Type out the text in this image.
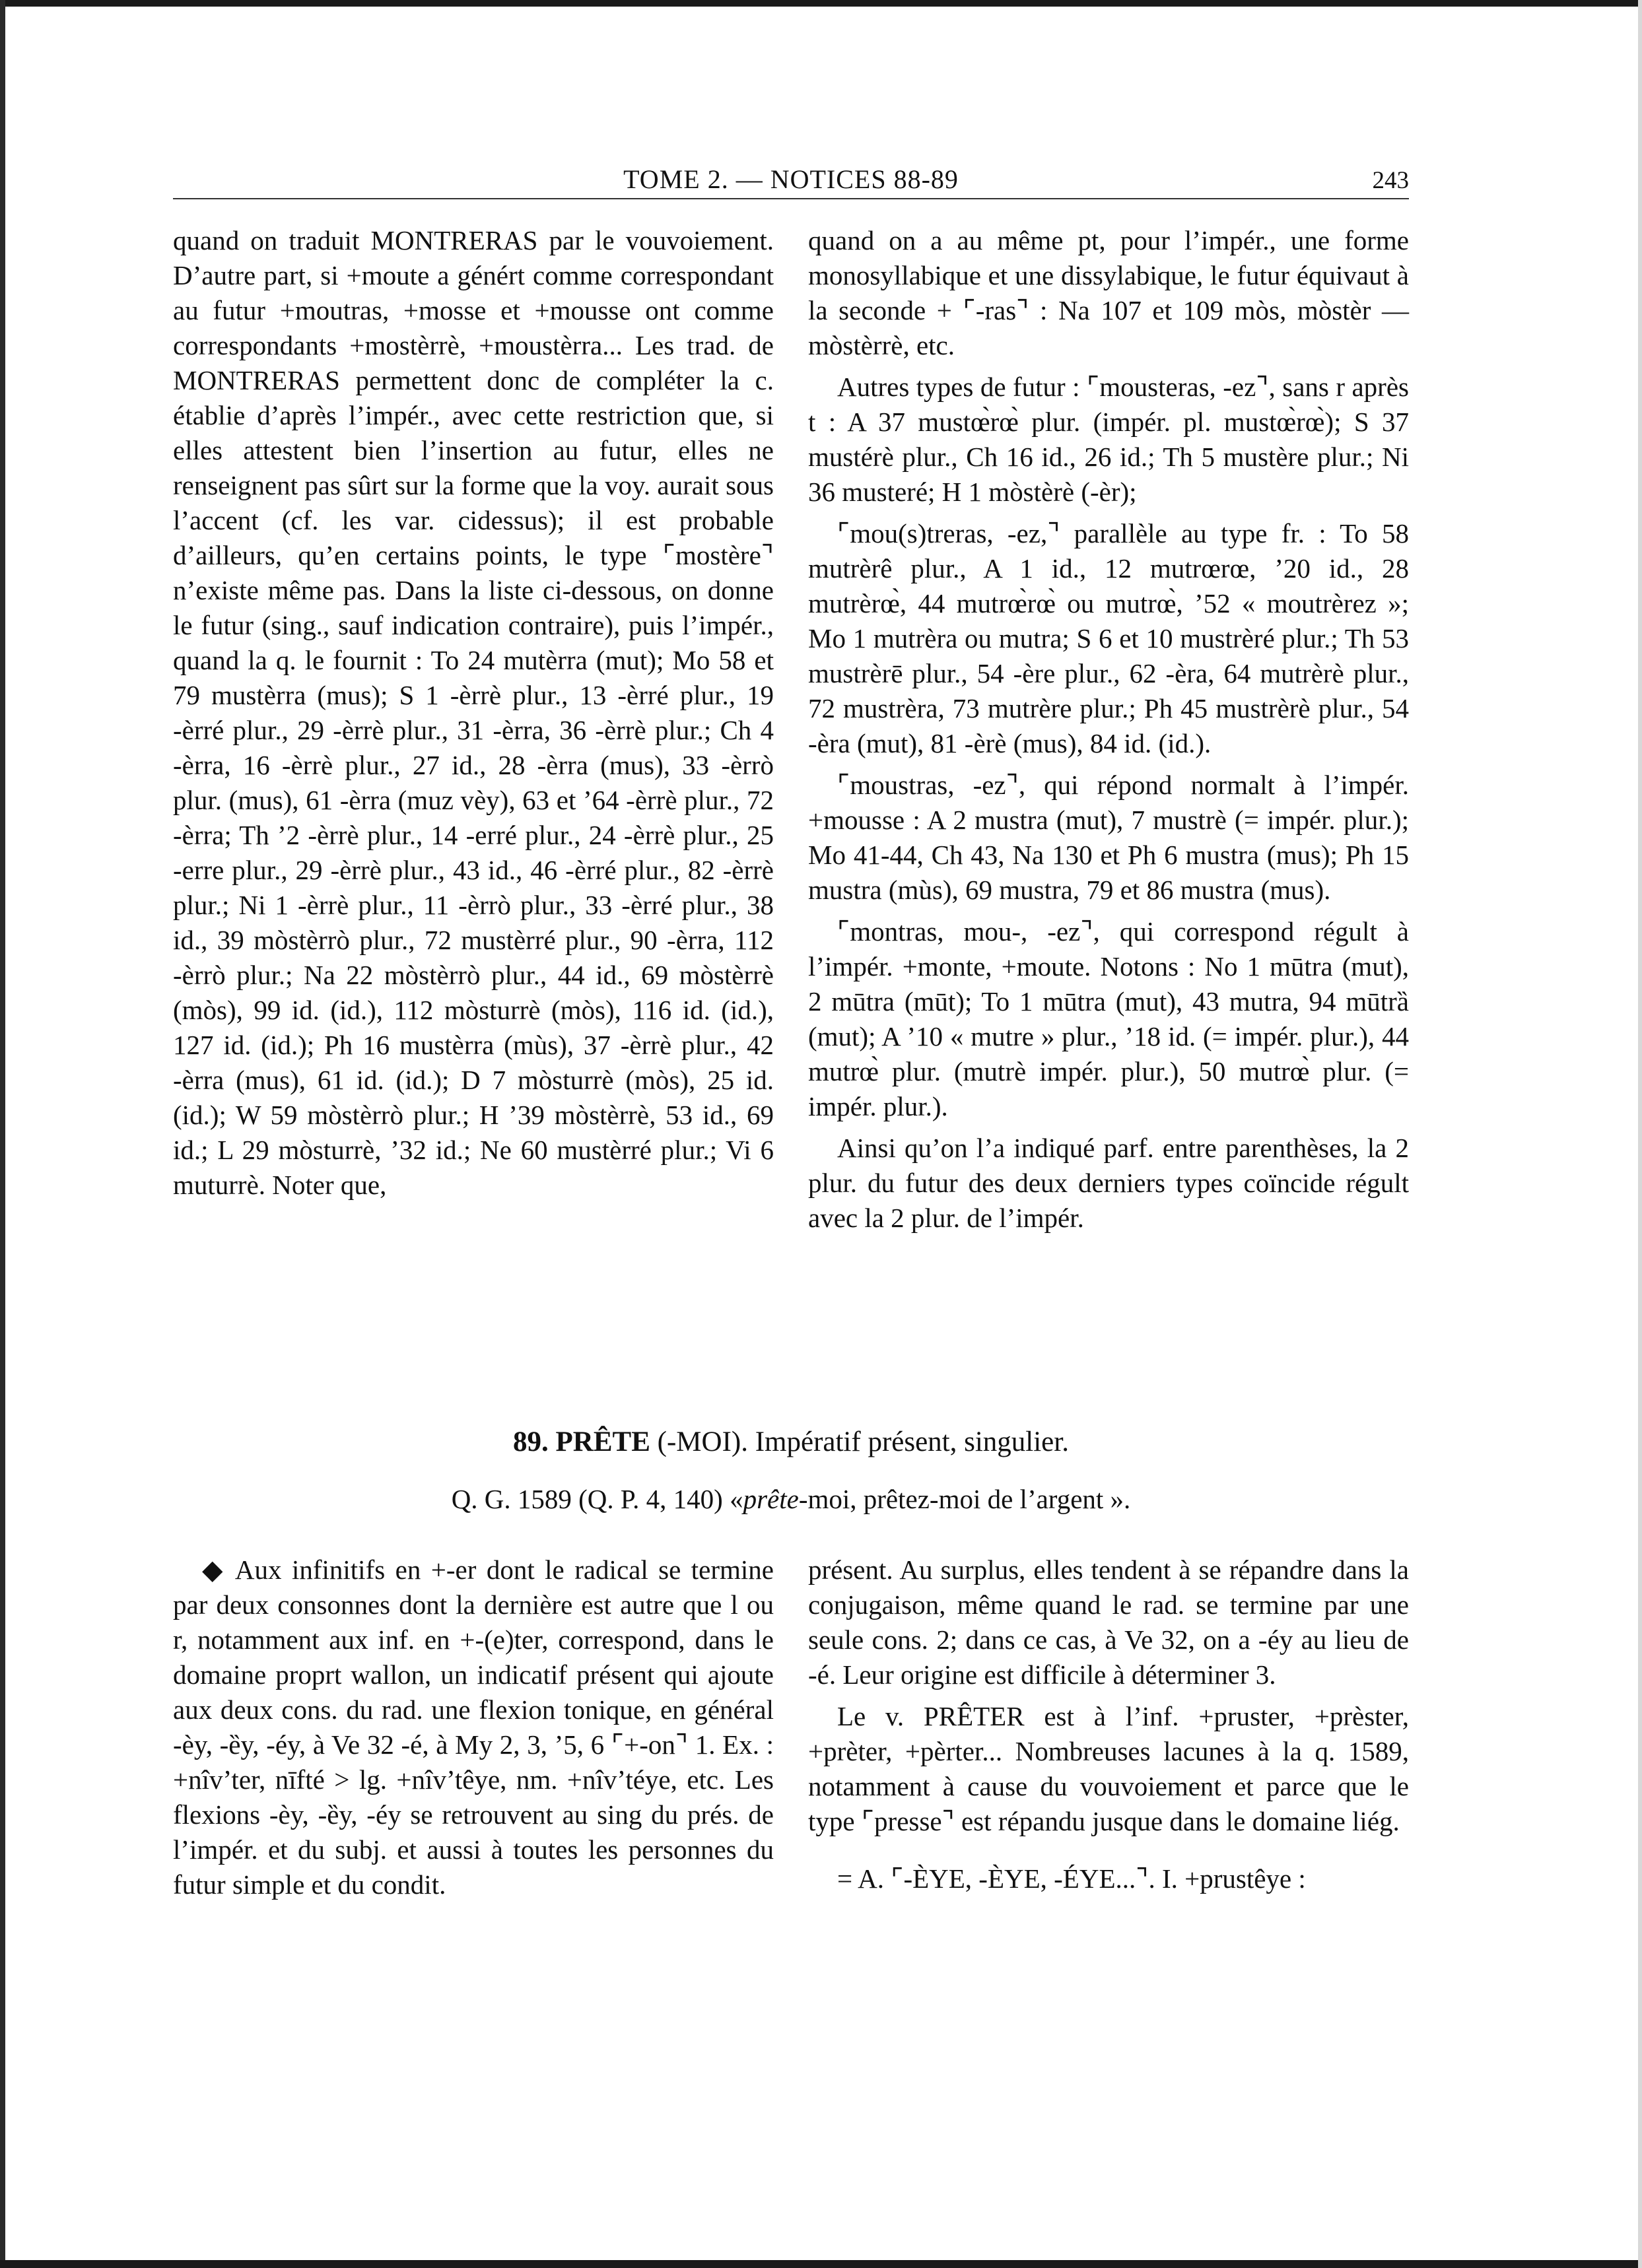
TOME 2. — NOTICES 88-89	243

quand on traduit MONTRERAS par le vouvoiement. D’autre part, si +moute a génért comme correspondant au futur +moutras, +mosse et +mousse ont comme correspondants +mostèrrè, +moustèrra... Les trad. de MONTRERAS permettent donc de compléter la c. établie d’après l’impér., avec cette restriction que, si elles attestent bien l’insertion au futur, elles ne renseignent pas sûrt sur la forme que la voy. aurait sous l’accent (cf. les var. cidessus); il est probable d’ailleurs, qu’en certains points, le type ⌜mostère⌝ n’existe même pas. Dans la liste ci-dessous, on donne le futur (sing., sauf indication contraire), puis l’impér., quand la q. le fournit : To 24 mutèrra (mut); Mo 58 et 79 mustèrra (mus); S 1 -èrrè plur., 13 -èrré plur., 19 -èrré plur., 29 -èrrè plur., 31 -èrra, 36 -èrrè plur.; Ch 4 -èrra, 16 -èrrè plur., 27 id., 28 -èrra (mus), 33 -èrrò plur. (mus), 61 -èrra (muz vèy), 63 et ’64 -èrrè plur., 72 -èrra; Th ’2 -èrrè plur., 14 -erré plur., 24 -èrrè plur., 25 -erre plur., 29 -èrrè plur., 43 id., 46 -èrré plur., 82 -èrrè plur.; Ni 1 -èrrè plur., 11 -èrrò plur., 33 -èrré plur., 38 id., 39 mòstèrrò plur., 72 mustèrré plur., 90 -èrra, 112 -èrrò plur.; Na 22 mòstèrrò plur., 44 id., 69 mòstèrrè (mòs), 99 id. (id.), 112 mòsturrè (mòs), 116 id. (id.), 127 id. (id.); Ph 16 mustèrra (mùs), 37 -èrrè plur., 42 -èrra (mus), 61 id. (id.); D 7 mòsturrè (mòs), 25 id. (id.); W 59 mòstèrrò plur.; H ’39 mòstèrrè, 53 id., 69 id.; L 29 mòsturrè, ’32 id.; Ne 60 mustèrré plur.; Vi 6 muturrè. Noter que,

quand on a au même pt, pour l’impér., une forme monosyllabique et une dissylabique, le futur équivaut à la seconde + ⌜-ras⌝ : Na 107 et 109 mòs, mòstèr — mòstèrrè, etc.

Autres types de futur : ⌜mousteras, -ez⌝, sans r après t : A 37 mustœ̀rœ̀ plur. (impér. pl. mustœ̀rœ̀); S 37 mustérè plur., Ch 16 id., 26 id.; Th 5 mustère plur.; Ni 36 musteré; H 1 mòstèrè (-èr);

⌜mou(s)treras, -ez,⌝ parallèle au type fr. : To 58 mutrèrê plur., A 1 id., 12 mutrœrœ, ’20 id., 28 mutrèrœ̀, 44 mutrœ̀rœ̀ ou mutrœ̀, ’52 « moutrèrez »; Mo 1 mutrèra ou mutra; S 6 et 10 mustrèré plur.; Th 53 mustrèrē plur., 54 -ère plur., 62 -èra, 64 mutrèrè plur., 72 mustrèra, 73 mutrère plur.; Ph 45 mustrèrè plur., 54 -èra (mut), 81 -èrè (mus), 84 id. (id.).

⌜moustras, -ez⌝, qui répond normalt à l’impér. +mousse : A 2 mustra (mut), 7 mustrè (= impér. plur.); Mo 41-44, Ch 43, Na 130 et Ph 6 mustra (mus); Ph 15 mustra (mùs), 69 mustra, 79 et 86 mustra (mus).

⌜montras, mou-, -ez⌝, qui correspond régult à l’impér. +monte, +moute. Notons : No 1 mūtra (mut), 2 mūtra (mūt); To 1 mūtra (mut), 43 mutra, 94 mūtrȁ (mut); A ’10 « mutre » plur., ’18 id. (= impér. plur.), 44 mutrœ̀ plur. (mutrè impér. plur.), 50 mutrœ̀ plur. (= impér. plur.).

Ainsi qu’on l’a indiqué parf. entre parenthèses, la 2 plur. du futur des deux derniers types coïncide régult avec la 2 plur. de l’impér.

89. PRÊTE (-MOI). Impératif présent, singulier.
Q. G. 1589 (Q. P. 4, 140) «prête-moi, prêtez-moi de l’argent ».

◆ Aux infinitifs en +-er dont le radical se termine par deux consonnes dont la dernière est autre que l ou r, notamment aux inf. en +-(e)ter, correspond, dans le domaine proprt wallon, un indicatif présent qui ajoute aux deux cons. du rad. une flexion tonique, en général -èy, -ȅy, -éy, à Ve 32 -é, à My 2, 3, ’5, 6 ⌜+-on⌝ 1. Ex. : +nîv’ter, nīfté > lg. +nîv’têye, nm. +nîv’téye, etc. Les flexions -èy, -ȅy, -éy se retrouvent au sing du prés. de l’impér. et du subj. et aussi à toutes les personnes du futur simple et du condit.

présent. Au surplus, elles tendent à se répandre dans la conjugaison, même quand le rad. se termine par une seule cons. 2; dans ce cas, à Ve 32, on a -éy au lieu de -é. Leur origine est difficile à déterminer 3.

Le v. PRÊTER est à l’inf. +pruster, +prèster, +prèter, +pèrter... Nombreuses lacunes à la q. 1589, notamment à cause du vouvoiement et parce que le type ⌜presse⌝ est répandu jusque dans le domaine liég.

= A. ⌜-ÈYE, -ÈYE, -ÉYE...⌝. I. +prustêye :
